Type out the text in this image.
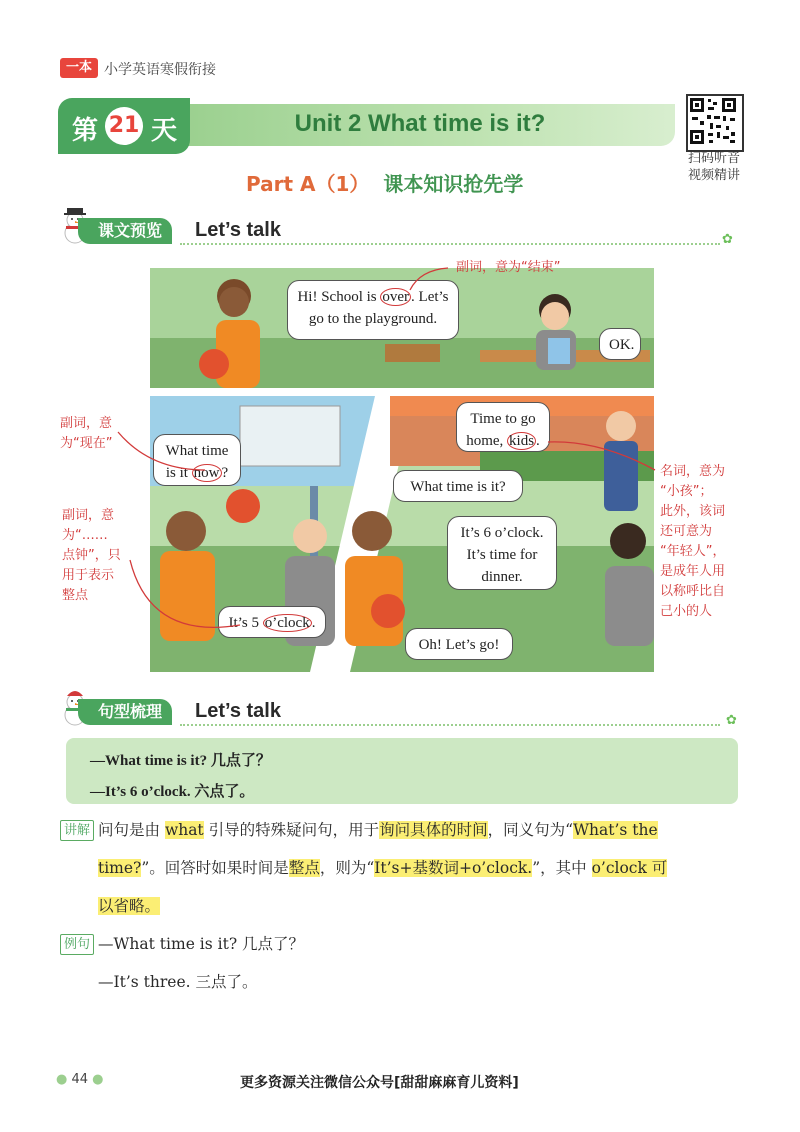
一本 小学英语寒假衔接
第 21 天	Unit 2 What time is it?
扫码听音
视频精讲
Part A（1） 课本知识抢先学
课文预览	Let’s talk	✿
Hi! School is over . Let’s go to the playground.
OK.
What time is it now ?
Time to go home, kids .
What time is it?
It’s 6 o’clock. It’s time for dinner.
It’s 5 o’clock .
Oh! Let’s go!
副词，意为“结束”
副词，意
为“现在”
副词，意
为“……
点钟”，只
用于表示
整点
名词，意为
“小孩”；
此外，该词
还可意为
“年轻人”，
是成年人用
以称呼比自
己小的人
句型梳理	Let’s talk	✿
—What time is it? 几点了？
—It’s 6 o’clock. 六点了。
讲解 问句是由 what 引导的特殊疑问句，用于询问具体的时间，同义句为“What’s the
time?”。回答时如果时间是整点，则为“It’s+基数词+o’clock.”，其中 o’clock 可
以省略。
例句 —What time is it? 几点了？
—It’s three. 三点了。
● 44 ●	更多资源关注微信公众号[甜甜麻麻育儿资料]
